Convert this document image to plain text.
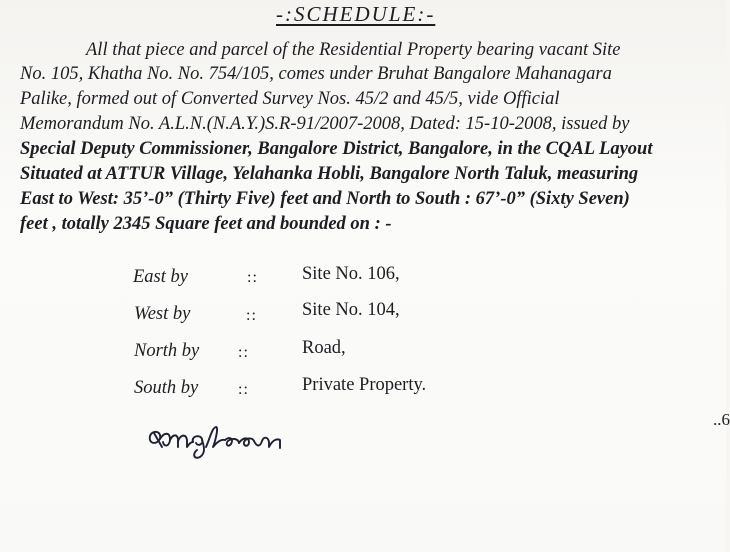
-:SCHEDULE:-
All that piece and parcel of the Residential Property bearing vacant Site
No. 105, Khatha No. No. 754/105, comes under Bruhat Bangalore Mahanagara
Palike, formed out of Converted Survey Nos. 45/2 and 45/5, vide Official
Memorandum No. A.L.N.(N.A.Y.)S.R-91/2007-2008, Dated: 15-10-2008, issued by
Special Deputy Commissioner, Bangalore District, Bangalore, in the CQAL Layout
Situated at ATTUR Village, Yelahanka Hobli, Bangalore North Taluk, measuring
East to West: 35’-0” (Thirty Five) feet and North to South : 67’-0” (Sixty Seven)
feet , totally 2345 Square feet and bounded on : -
East by	:: Site No. 106,
West by	:: Site No. 104,
North by ::	Road,
South by ::	Private Property.
..6
